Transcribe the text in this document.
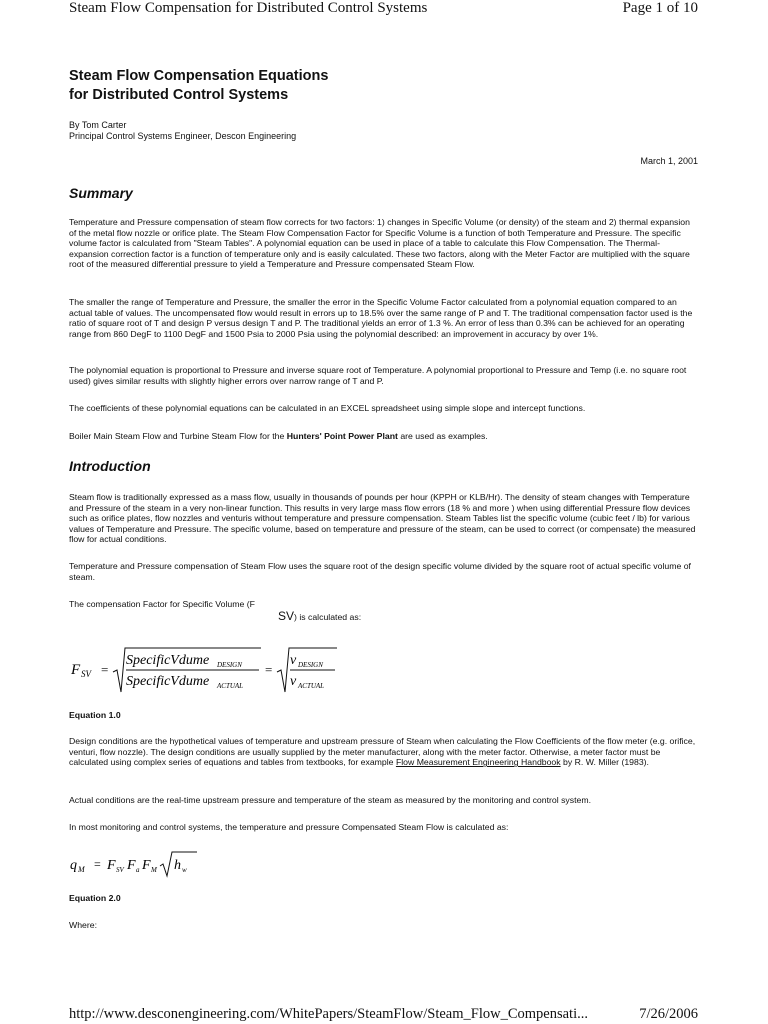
Steam Flow Compensation for Distributed Control Systems	Page 1 of 10
Steam Flow Compensation Equations
for Distributed Control Systems
By Tom Carter
Principal Control Systems Engineer, Descon Engineering
March 1, 2001
Summary
Temperature and Pressure compensation of steam flow corrects for two factors: 1) changes in Specific Volume (or density) of the steam and 2) thermal expansion of the metal flow nozzle or orifice plate. The Steam Flow Compensation Factor for Specific Volume is a function of both Temperature and Pressure. The specific volume factor is calculated from "Steam Tables". A polynomial equation can be used in place of a table to calculate this Flow Compensation. The Thermal-expansion correction factor is a function of temperature only and is easily calculated. These two factors, along with the Meter Factor are multiplied with the square root of the measured differential pressure to yield a Temperature and Pressure compensated Steam Flow.
The smaller the range of Temperature and Pressure, the smaller the error in the Specific Volume Factor calculated from a polynomial equation compared to an actual table of values. The uncompensated flow would result in errors up to 18.5% over the same range of P and T. The traditional compensation factor used is the ratio of square root of T and design P versus design T and P. The traditional yields an error of 1.3 %. An error of less than 0.3% can be achieved for an operating range from 860 DegF to 1100 DegF and 1500 Psia to 2000 Psia using the polynomial described: an improvement in accuracy by over 1%.
The polynomial equation is proportional to Pressure and inverse square root of Temperature. A polynomial proportional to Pressure and Temp (i.e. no square root used) gives similar results with slightly higher errors over narrow range of T and P.
The coefficients of these polynomial equations can be calculated in an EXCEL spreadsheet using simple slope and intercept functions.
Boiler Main Steam Flow and Turbine Steam Flow for the Hunters' Point Power Plant are used as examples.
Introduction
Steam flow is traditionally expressed as a mass flow, usually in thousands of pounds per hour (KPPH or KLB/Hr). The density of steam changes with Temperature and Pressure of the steam in a very non-linear function. This results in very large mass flow errors (18 % and more ) when using differential Pressure flow devices such as orifice plates, flow nozzles and venturis without temperature and pressure compensation. Steam Tables list the specific volume (cubic feet / lb) for various values of Temperature and Pressure. The specific volume, based on temperature and pressure of the steam, can be used to correct (or compensate) the measured flow for actual conditions.
Temperature and Pressure compensation of Steam Flow uses the square root of the design specific volume divided by the square root of actual specific volume of steam.
The compensation Factor for Specific Volume (F
SV) is calculated as:
F SV =
SpecificVdume DESIGN
SpecificVdume ACTUAL
=
v DESIGN
v ACTUAL
Equation 1.0
Design conditions are the hypothetical values of temperature and upstream pressure of Steam when calculating the Flow Coefficients of the flow meter (e.g. orifice, venturi, flow nozzle). The design conditions are usually supplied by the meter manufacturer, along with the meter factor. Otherwise, a meter factor must be calculated using complex series of equations and tables from textbooks, for example Flow Measurement Engineering Handbook by R. W. Miller (1983).
Actual conditions are the real-time upstream pressure and temperature of the steam as measured by the monitoring and control system.
In most monitoring and control systems, the temperature and pressure Compensated Steam Flow is calculated as:
q M = F SV F a F M h w
Equation 2.0
Where:
http://www.desconengineering.com/WhitePapers/SteamFlow/Steam_Flow_Compensati...	7/26/2006
